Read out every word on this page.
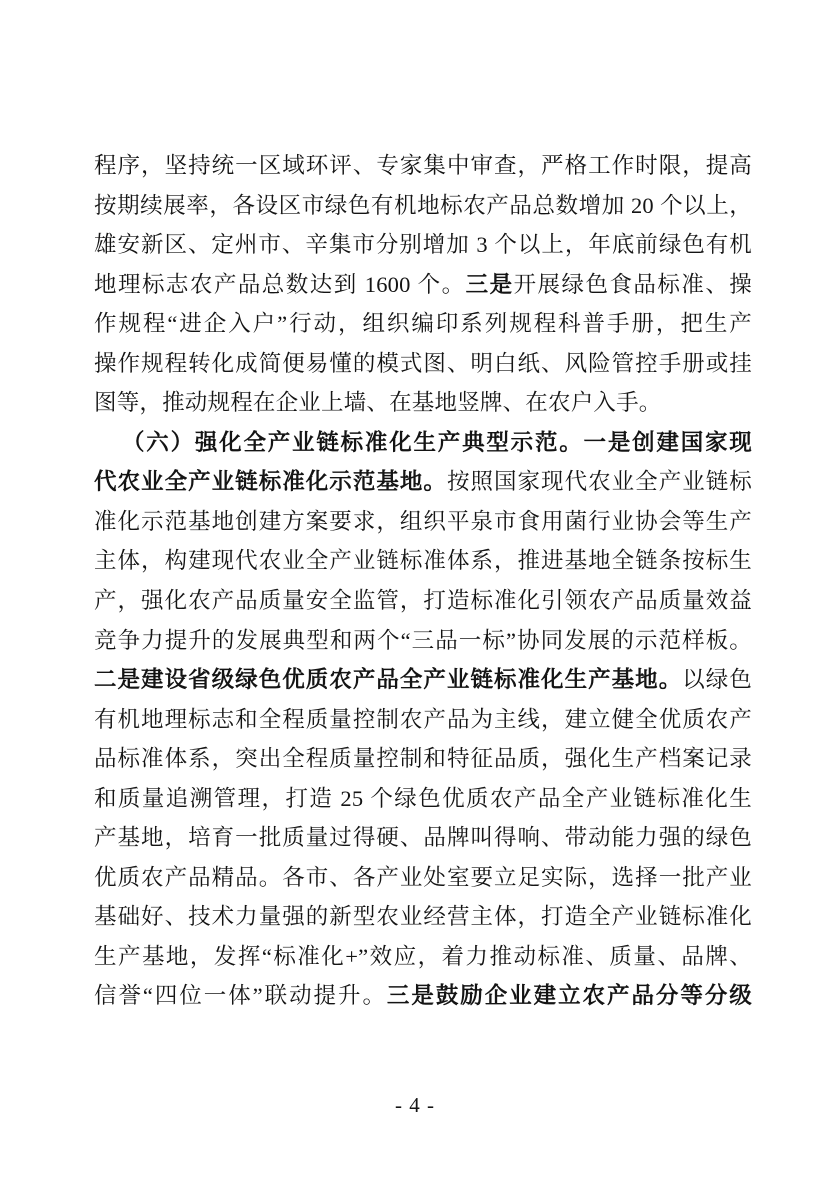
程序，坚持统一区域环评、专家集中审查，严格工作时限，提高
按期续展率，各设区市绿色有机地标农产品总数增加 20 个以上，
雄安新区、定州市、辛集市分别增加 3 个以上，年底前绿色有机
地理标志农产品总数达到 1600 个。三是开展绿色食品标准、操
作规程“进企入户”行动，组织编印系列规程科普手册，把生产
操作规程转化成简便易懂的模式图、明白纸、风险管控手册或挂
图等，推动规程在企业上墙、在基地竖牌、在农户入手。
（六）强化全产业链标准化生产典型示范。一是创建国家现
代农业全产业链标准化示范基地。按照国家现代农业全产业链标
准化示范基地创建方案要求，组织平泉市食用菌行业协会等生产
主体，构建现代农业全产业链标准体系，推进基地全链条按标生
产，强化农产品质量安全监管，打造标准化引领农产品质量效益
竞争力提升的发展典型和两个“三品一标”协同发展的示范样板。
二是建设省级绿色优质农产品全产业链标准化生产基地。以绿色
有机地理标志和全程质量控制农产品为主线，建立健全优质农产
品标准体系，突出全程质量控制和特征品质，强化生产档案记录
和质量追溯管理，打造 25 个绿色优质农产品全产业链标准化生
产基地，培育一批质量过得硬、品牌叫得响、带动能力强的绿色
优质农产品精品。各市、各产业处室要立足实际，选择一批产业
基础好、技术力量强的新型农业经营主体，打造全产业链标准化
生产基地，发挥“标准化+”效应，着力推动标准、质量、品牌、
信誉“四位一体”联动提升。三是鼓励企业建立农产品分等分级
- 4 -
